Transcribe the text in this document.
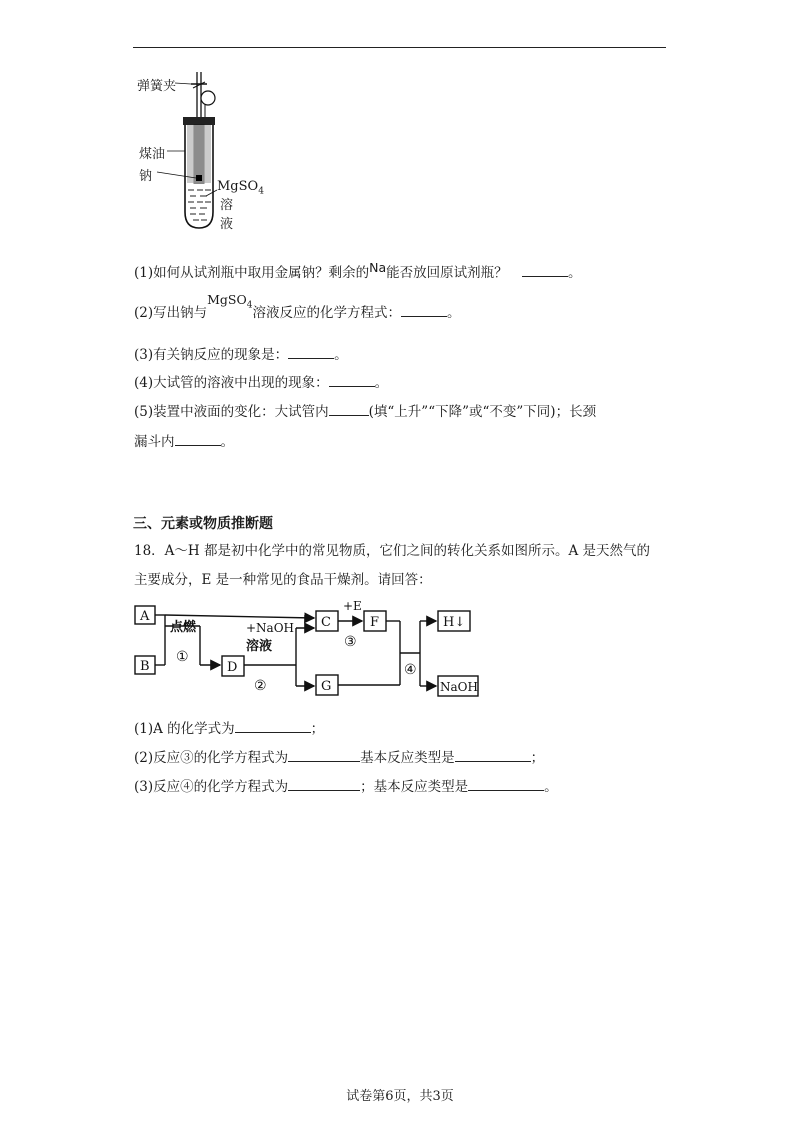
弹簧夹
煤油
钠
MgSO$_4$
溶液
(1)如何从试剂瓶中取用金属钠？剩余的Na能否放回原试剂瓶？	。
(2)写出钠与MgSO$_4$溶液反应的化学方程式：	。
(3)有关钠反应的现象是：	。
(4)大试管的溶液中出现的现象：	。
(5)装置中液面的变化：大试管内	(填“上升”“下降”或“不变”下同)；长颈
漏斗内	。
三、元素或物质推断题
18．A～H 都是初中化学中的常见物质，它们之间的转化关系如图所示。A 是天然气的
主要成分，E 是一种常见的食品干燥剂。请回答：
A
B
C	F
D
G
H↓
NaOH
点燃
①
+NaOH
溶液
②
+E
③
④
(1)A 的化学式为	；
(2)反应③的化学方程式为	基本反应类型是	；
(3)反应④的化学方程式为	；基本反应类型是	。
试卷第6页，共3页
